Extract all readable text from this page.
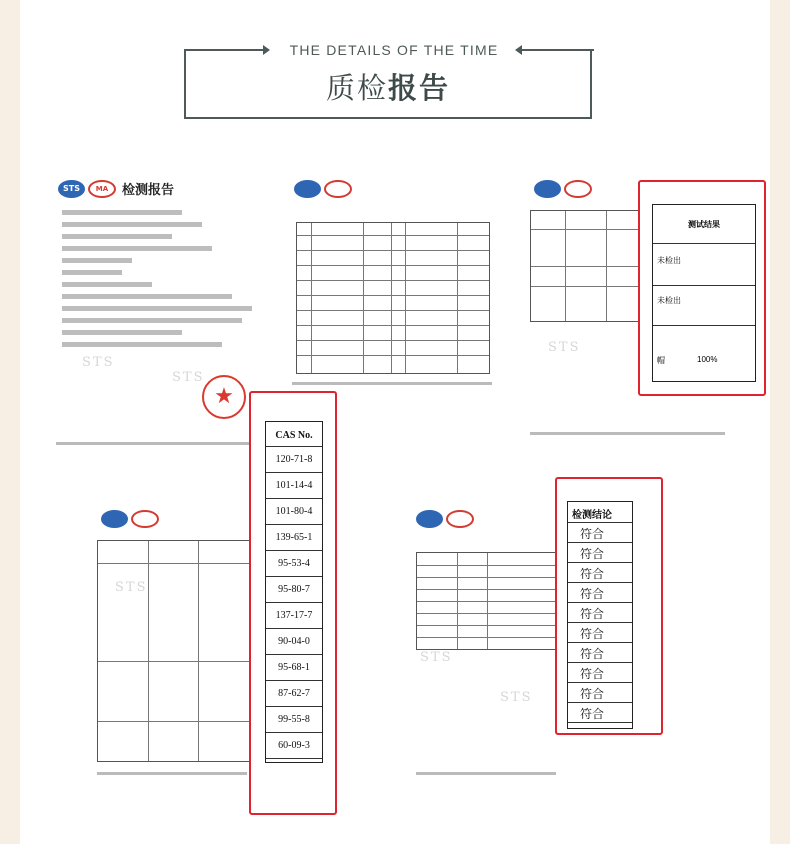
THE DETAILS OF THE TIME
质检报告
STS MA 检测报告
STS
STS
★
STS
STS
STS
STS
测试结果
未检出
未检出
帽	100%
CAS No.
120-71-8
101-14-4
101-80-4
139-65-1
95-53-4
95-80-7
137-17-7
90-04-0
95-68-1
87-62-7
99-55-8
60-09-3
检测结论
符合
符合
符合
符合
符合
符合
符合
符合
符合
符合
